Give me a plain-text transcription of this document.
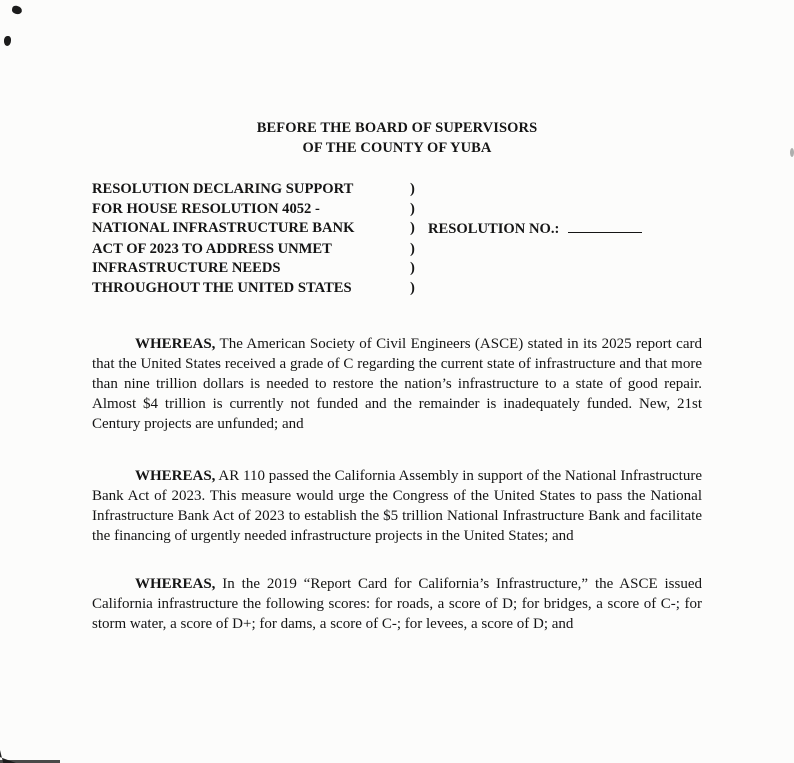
BEFORE THE BOARD OF SUPERVISORS
OF THE COUNTY OF YUBA
RESOLUTION DECLARING SUPPORT	)
FOR HOUSE RESOLUTION 4052 -	)
NATIONAL INFRASTRUCTURE BANK	) RESOLUTION NO.:
ACT OF 2023 TO ADDRESS UNMET	)
INFRASTRUCTURE NEEDS	)
THROUGHOUT THE UNITED STATES	)

WHEREAS, The American Society of Civil Engineers (ASCE) stated in its 2025 report card that the United States received a grade of C regarding the current state of infrastructure and that more than nine trillion dollars is needed to restore the nation’s infrastructure to a state of good repair. Almost $4 trillion is currently not funded and the remainder is inadequately funded. New, 21st Century projects are unfunded; and

WHEREAS, AR 110 passed the California Assembly in support of the National Infrastructure Bank Act of 2023. This measure would urge the Congress of the United States to pass the National Infrastructure Bank Act of 2023 to establish the $5 trillion National Infrastructure Bank and facilitate the financing of urgently needed infrastructure projects in the United States; and

WHEREAS, In the 2019 “Report Card for California’s Infrastructure,” the ASCE issued California infrastructure the following scores: for roads, a score of D; for bridges, a score of C-; for storm water, a score of D+; for dams, a score of C-; for levees, a score of D; and
